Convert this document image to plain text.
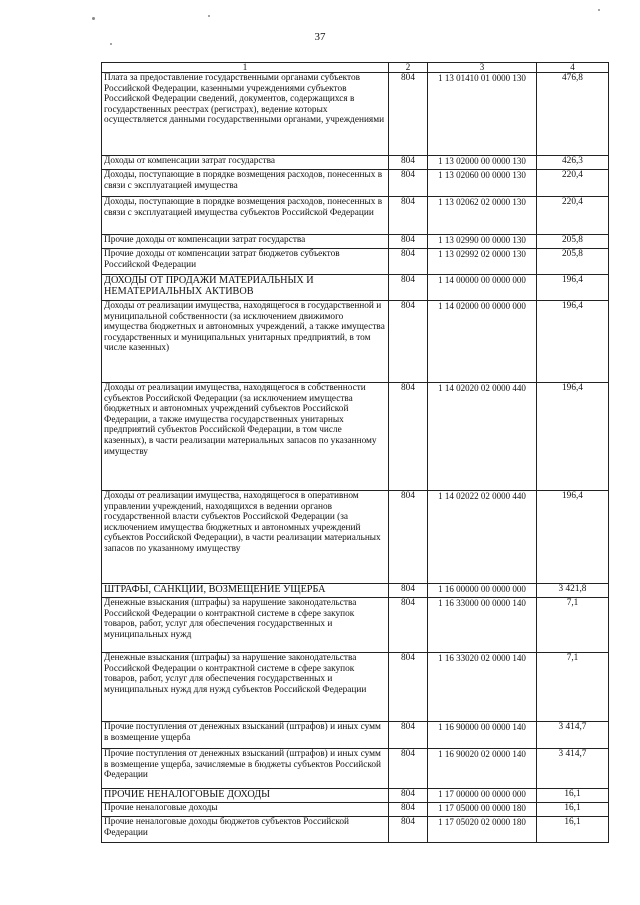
37
1	2	3	4
Плата за предоставление государственными органами субъектов Российской Федерации, казенными учреждениями субъектов Российской Федерации сведений, документов, содержащихся в государственных реестрах (регистрах), ведение которых осуществляется данными государственными органами, учреждениями	804	1 13 01410 01 0000 130	476,8
Доходы от компенсации затрат государства	804	1 13 02000 00 0000 130	426,3
Доходы, поступающие в порядке возмещения расходов, понесенных в связи с эксплуатацией имущества	804	1 13 02060 00 0000 130	220,4
Доходы, поступающие в порядке возмещения расходов, понесенных в связи с эксплуатацией имущества субъектов Российской Федерации	804	1 13 02062 02 0000 130	220,4
Прочие доходы от компенсации затрат государства	804	1 13 02990 00 0000 130	205,8
Прочие доходы от компенсации затрат бюджетов субъектов Российской Федерации	804	1 13 02992 02 0000 130	205,8
ДОХОДЫ ОТ ПРОДАЖИ МАТЕРИАЛЬНЫХ И НЕМАТЕРИАЛЬНЫХ АКТИВОВ	804	1 14 00000 00 0000 000	196,4
Доходы от реализации имущества, находящегося в государственной и муниципальной собственности (за исключением движимого имущества бюджетных и автономных учреждений, а также имущества государственных и муниципальных унитарных предприятий, в том числе казенных)	804	1 14 02000 00 0000 000	196,4
Доходы от реализации имущества, находящегося в собственности субъектов Российской Федерации (за исключением имущества бюджетных и автономных учреждений субъектов Российской Федерации, а также имущества государственных унитарных предприятий субъектов Российской Федерации, в том числе казенных), в части реализации материальных запасов по указанному имуществу	804	1 14 02020 02 0000 440	196,4
Доходы от реализации имущества, находящегося в оперативном управлении учреждений, находящихся в ведении органов государственной власти субъектов Российской Федерации (за исключением имущества бюджетных и автономных учреждений субъектов Российской Федерации), в части реализации материальных запасов по указанному имуществу	804	1 14 02022 02 0000 440	196,4
ШТРАФЫ, САНКЦИИ, ВОЗМЕЩЕНИЕ УЩЕРБА	804	1 16 00000 00 0000 000	3 421,8
Денежные взыскания (штрафы) за нарушение законодательства Российской Федерации о контрактной системе в сфере закупок товаров, работ, услуг для обеспечения государственных и муниципальных нужд	804	1 16 33000 00 0000 140	7,1
Денежные взыскания (штрафы) за нарушение законодательства Российской Федерации о контрактной системе в сфере закупок товаров, работ, услуг для обеспечения государственных и муниципальных нужд для нужд субъектов Российской Федерации	804	1 16 33020 02 0000 140	7,1
Прочие поступления от денежных взысканий (штрафов) и иных сумм в возмещение ущерба	804	1 16 90000 00 0000 140	3 414,7
Прочие поступления от денежных взысканий (штрафов) и иных сумм в возмещение ущерба, зачисляемые в бюджеты субъектов Российской Федерации	804	1 16 90020 02 0000 140	3 414,7
ПРОЧИЕ НЕНАЛОГОВЫЕ ДОХОДЫ	804	1 17 00000 00 0000 000	16,1
Прочие неналоговые доходы	804	1 17 05000 00 0000 180	16,1
Прочие неналоговые доходы бюджетов субъектов Российской Федерации	804	1 17 05020 02 0000 180	16,1
